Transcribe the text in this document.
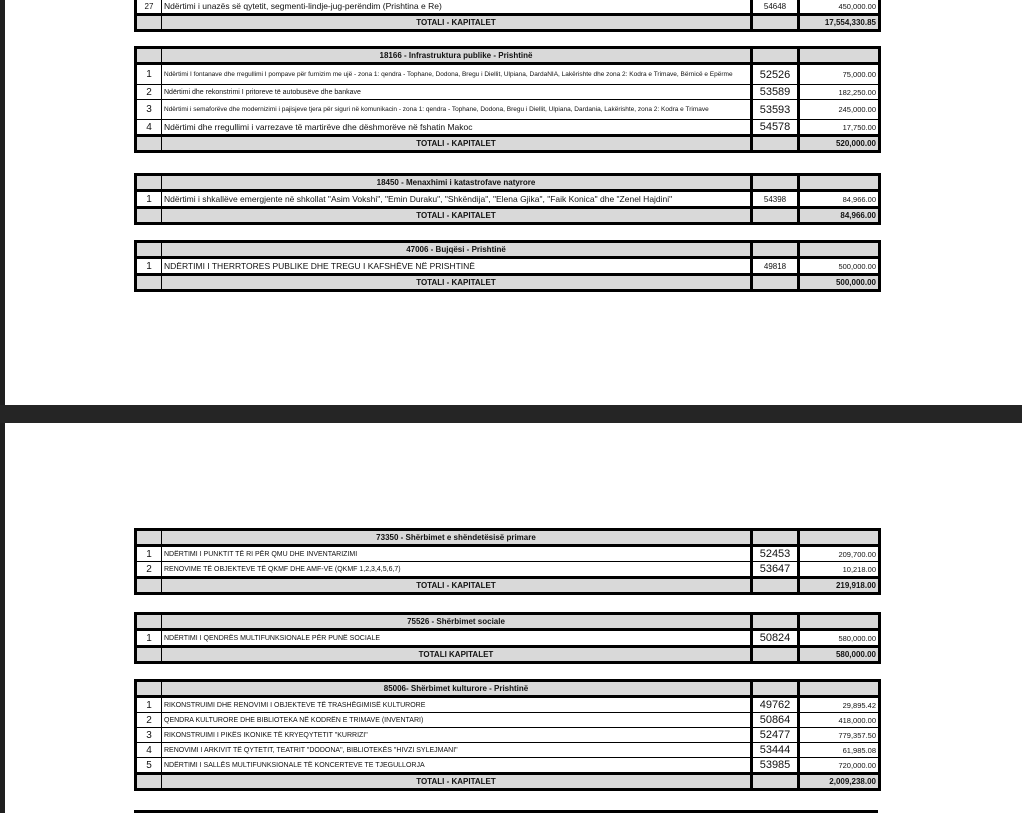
27	Ndërtimi i unazës së qytetit, segmenti-lindje-jug-perëndim (Prishtina e Re)	54648	450,000.00
	TOTALI - KAPITALET		17,554,330.85
	18166 - Infrastruktura publike - Prishtinë		
1	Ndërtimi I fontanave dhe rregullimi I pompave për furnizim me ujë - zona 1: qendra - Tophane, Dodona, Bregu i Diellit, Ulpiana, DardaNIA, Lakërishte dhe zona 2: Kodra e Trimave, Bërnicë e Epërme	52526	75,000.00
2	Ndërtimi dhe rekonstrimi I pritoreve të autobusëve dhe bankave	53589	182,250.00
3	Ndërtimi i semaforëve dhe modernizimi i pajisjeve tjera për siguri në komunikacin - zona 1: qendra - Tophane, Dodona, Bregu i Diellit, Ulpiana, Dardania, Lakërishte, zona 2: Kodra e Trimave	53593	245,000.00
4	Ndërtimi dhe rregullimi i varrezave të martirëve dhe dëshmorëve në fshatin Makoc	54578	17,750.00
	TOTALI - KAPITALET		520,000.00
	18450 - Menaxhimi i katastrofave natyrore		
1	Ndërtimi i shkallëve emergjente në shkollat "Asim Vokshi", "Emin Duraku", "Shkëndija", "Elena Gjika", "Faik Konica" dhe "Zenel Hajdini"	54398	84,966.00
	TOTALI - KAPITALET		84,966.00
	47006 - Bujqësi - Prishtinë		
1	NDËRTIMI I THERRTORES PUBLIKE DHE TREGU I KAFSHËVE NË PRISHTINË	49818	500,000.00
	TOTALI - KAPITALET		500,000.00
	73350 - Shërbimet e shëndetësisë primare		
1	NDËRTIMI I PUNKTIT TË RI PËR QMU DHE INVENTARIZIMI	52453	209,700.00
2	RENOVIME TË OBJEKTEVE TË QKMF DHE AMF-VE (QKMF 1,2,3,4,5,6,7)	53647	10,218.00
	TOTALI - KAPITALET		219,918.00
	75526 - Shërbimet sociale		
1	NDËRTIMI I QENDRËS MULTIFUNKSIONALE PËR PUNË SOCIALE	50824	580,000.00
	TOTALI KAPITALET		580,000.00
	85006- Shërbimet kulturore - Prishtinë		
1	RIKONSTRUIMI DHE RENOVIMI I OBJEKTEVE TË TRASHËGIMISË KULTURORE	49762	29,895.42
2	QENDRA KULTURORE DHE BIBLIOTEKA NË KODRËN E TRIMAVE (INVENTARI)	50864	418,000.00
3	RIKONSTRUIMI I PIKËS IKONIKE TË KRYEQYTETIT "KURRIZI"	52477	779,357.50
4	RENOVIMI I ARKIVIT TË QYTETIT, TEATRIT "DODONA", BIBLIOTEKËS "HIVZI SYLEJMANI"	53444	61,985.08
5	NDËRTIMI I SALLËS MULTIFUNKSIONALE TË KONCERTEVE TE TJEGULLORJA	53985	720,000.00
	TOTALI - KAPITALET		2,009,238.00
